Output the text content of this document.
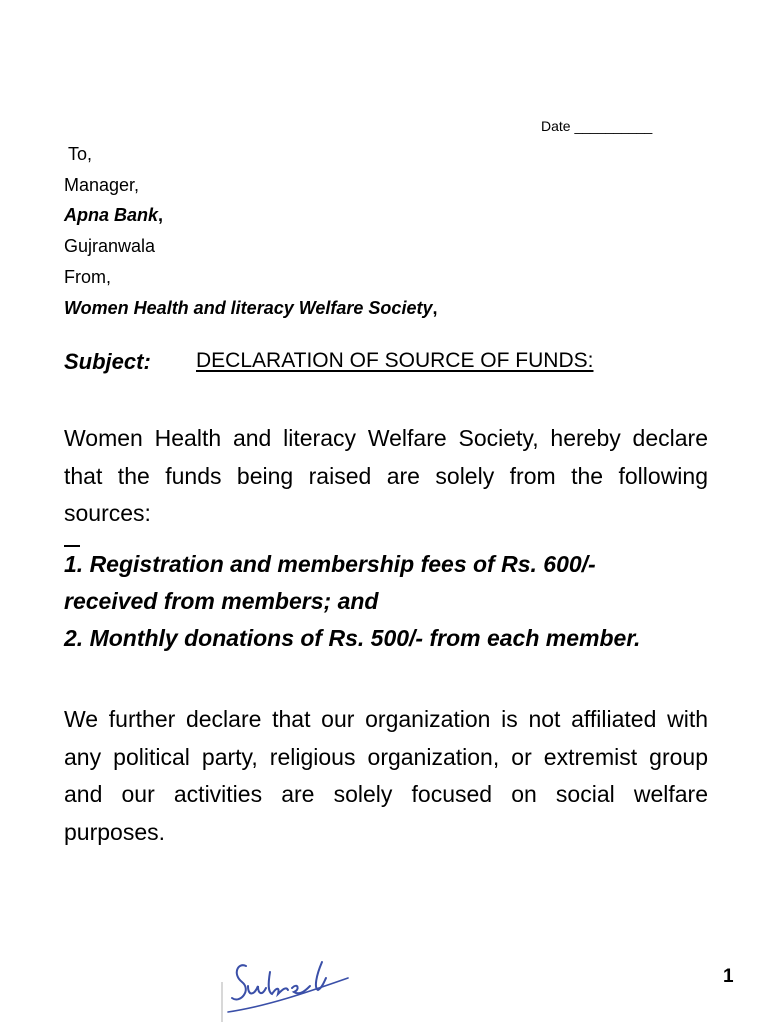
Date __________
To,
Manager,
Apna Bank,
Gujranwala
From,
Women Health and literacy Welfare Society,
Subject: DECLARATION OF SOURCE OF FUNDS:
Women Health and literacy Welfare Society, hereby declare that the funds being raised are solely from the following sources:
1. Registration and membership fees of Rs. 600/-
received from members; and
2. Monthly donations of Rs. 500/- from each member.
We further declare that our organization is not affiliated with any political party, religious organization, or extremist group and our activities are solely focused on social welfare purposes.
1
